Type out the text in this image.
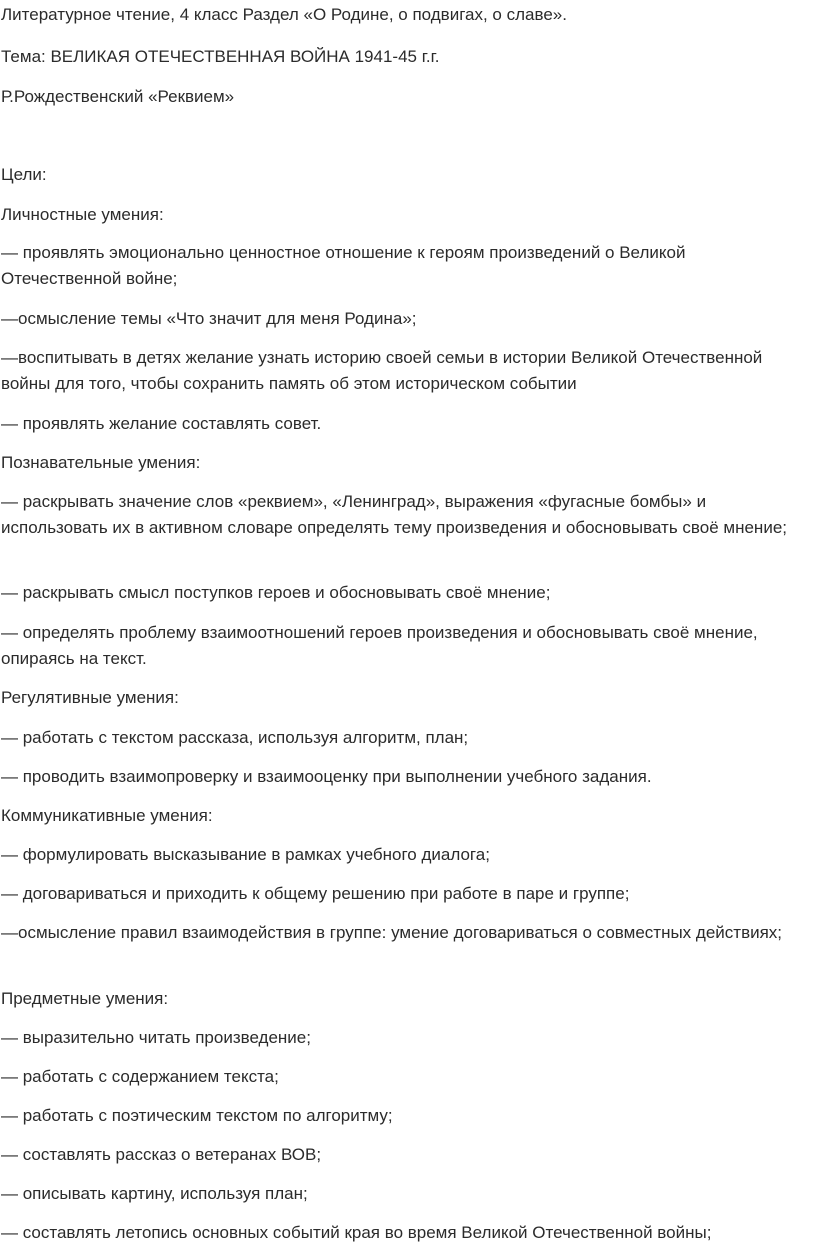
Литературное чтение, 4 класс Раздел «О Родине, о подвигах, о славе».

Тема: ВЕЛИКАЯ ОТЕЧЕСТВЕННАЯ ВОЙНА 1941-45 г.г.

Р.Рождественский «Реквием»

Цели:

Личностные умения:

— проявлять эмоционально ценностное отношение к героям произведений о Великой Отечественной войне;

—осмысление темы «Что значит для меня Родина»;

—воспитывать в детях желание узнать историю своей семьи в истории Великой Отечественной войны для того, чтобы сохранить память об этом историческом событии

— проявлять желание составлять совет.

Познавательные умения:

— раскрывать значение слов «реквием», «Ленинград», выражения «фугасные бомбы» и использовать их в активном словаре определять тему произведения и обосновывать своё мнение;

— раскрывать смысл поступков героев и обосновывать своё мнение;

— определять проблему взаимоотношений героев произведения и обосновывать своё мнение, опираясь на текст.

Регулятивные умения:

— работать с текстом рассказа, используя алгоритм, план;

— проводить взаимопроверку и взаимооценку при выполнении учебного задания.

Коммуникативные умения:

— формулировать высказывание в рамках учебного диалога;

— договариваться и приходить к общему решению при работе в паре и группе;

—осмысление правил взаимодействия в группе: умение договариваться о совместных действиях;

Предметные умения:

— выразительно читать произведение;

— работать с содержанием текста;

— работать с поэтическим текстом по алгоритму;

— составлять рассказ о ветеранах ВОВ;

— описывать картину, используя план;

— составлять летопись основных событий края во время Великой Отечественной войны;
